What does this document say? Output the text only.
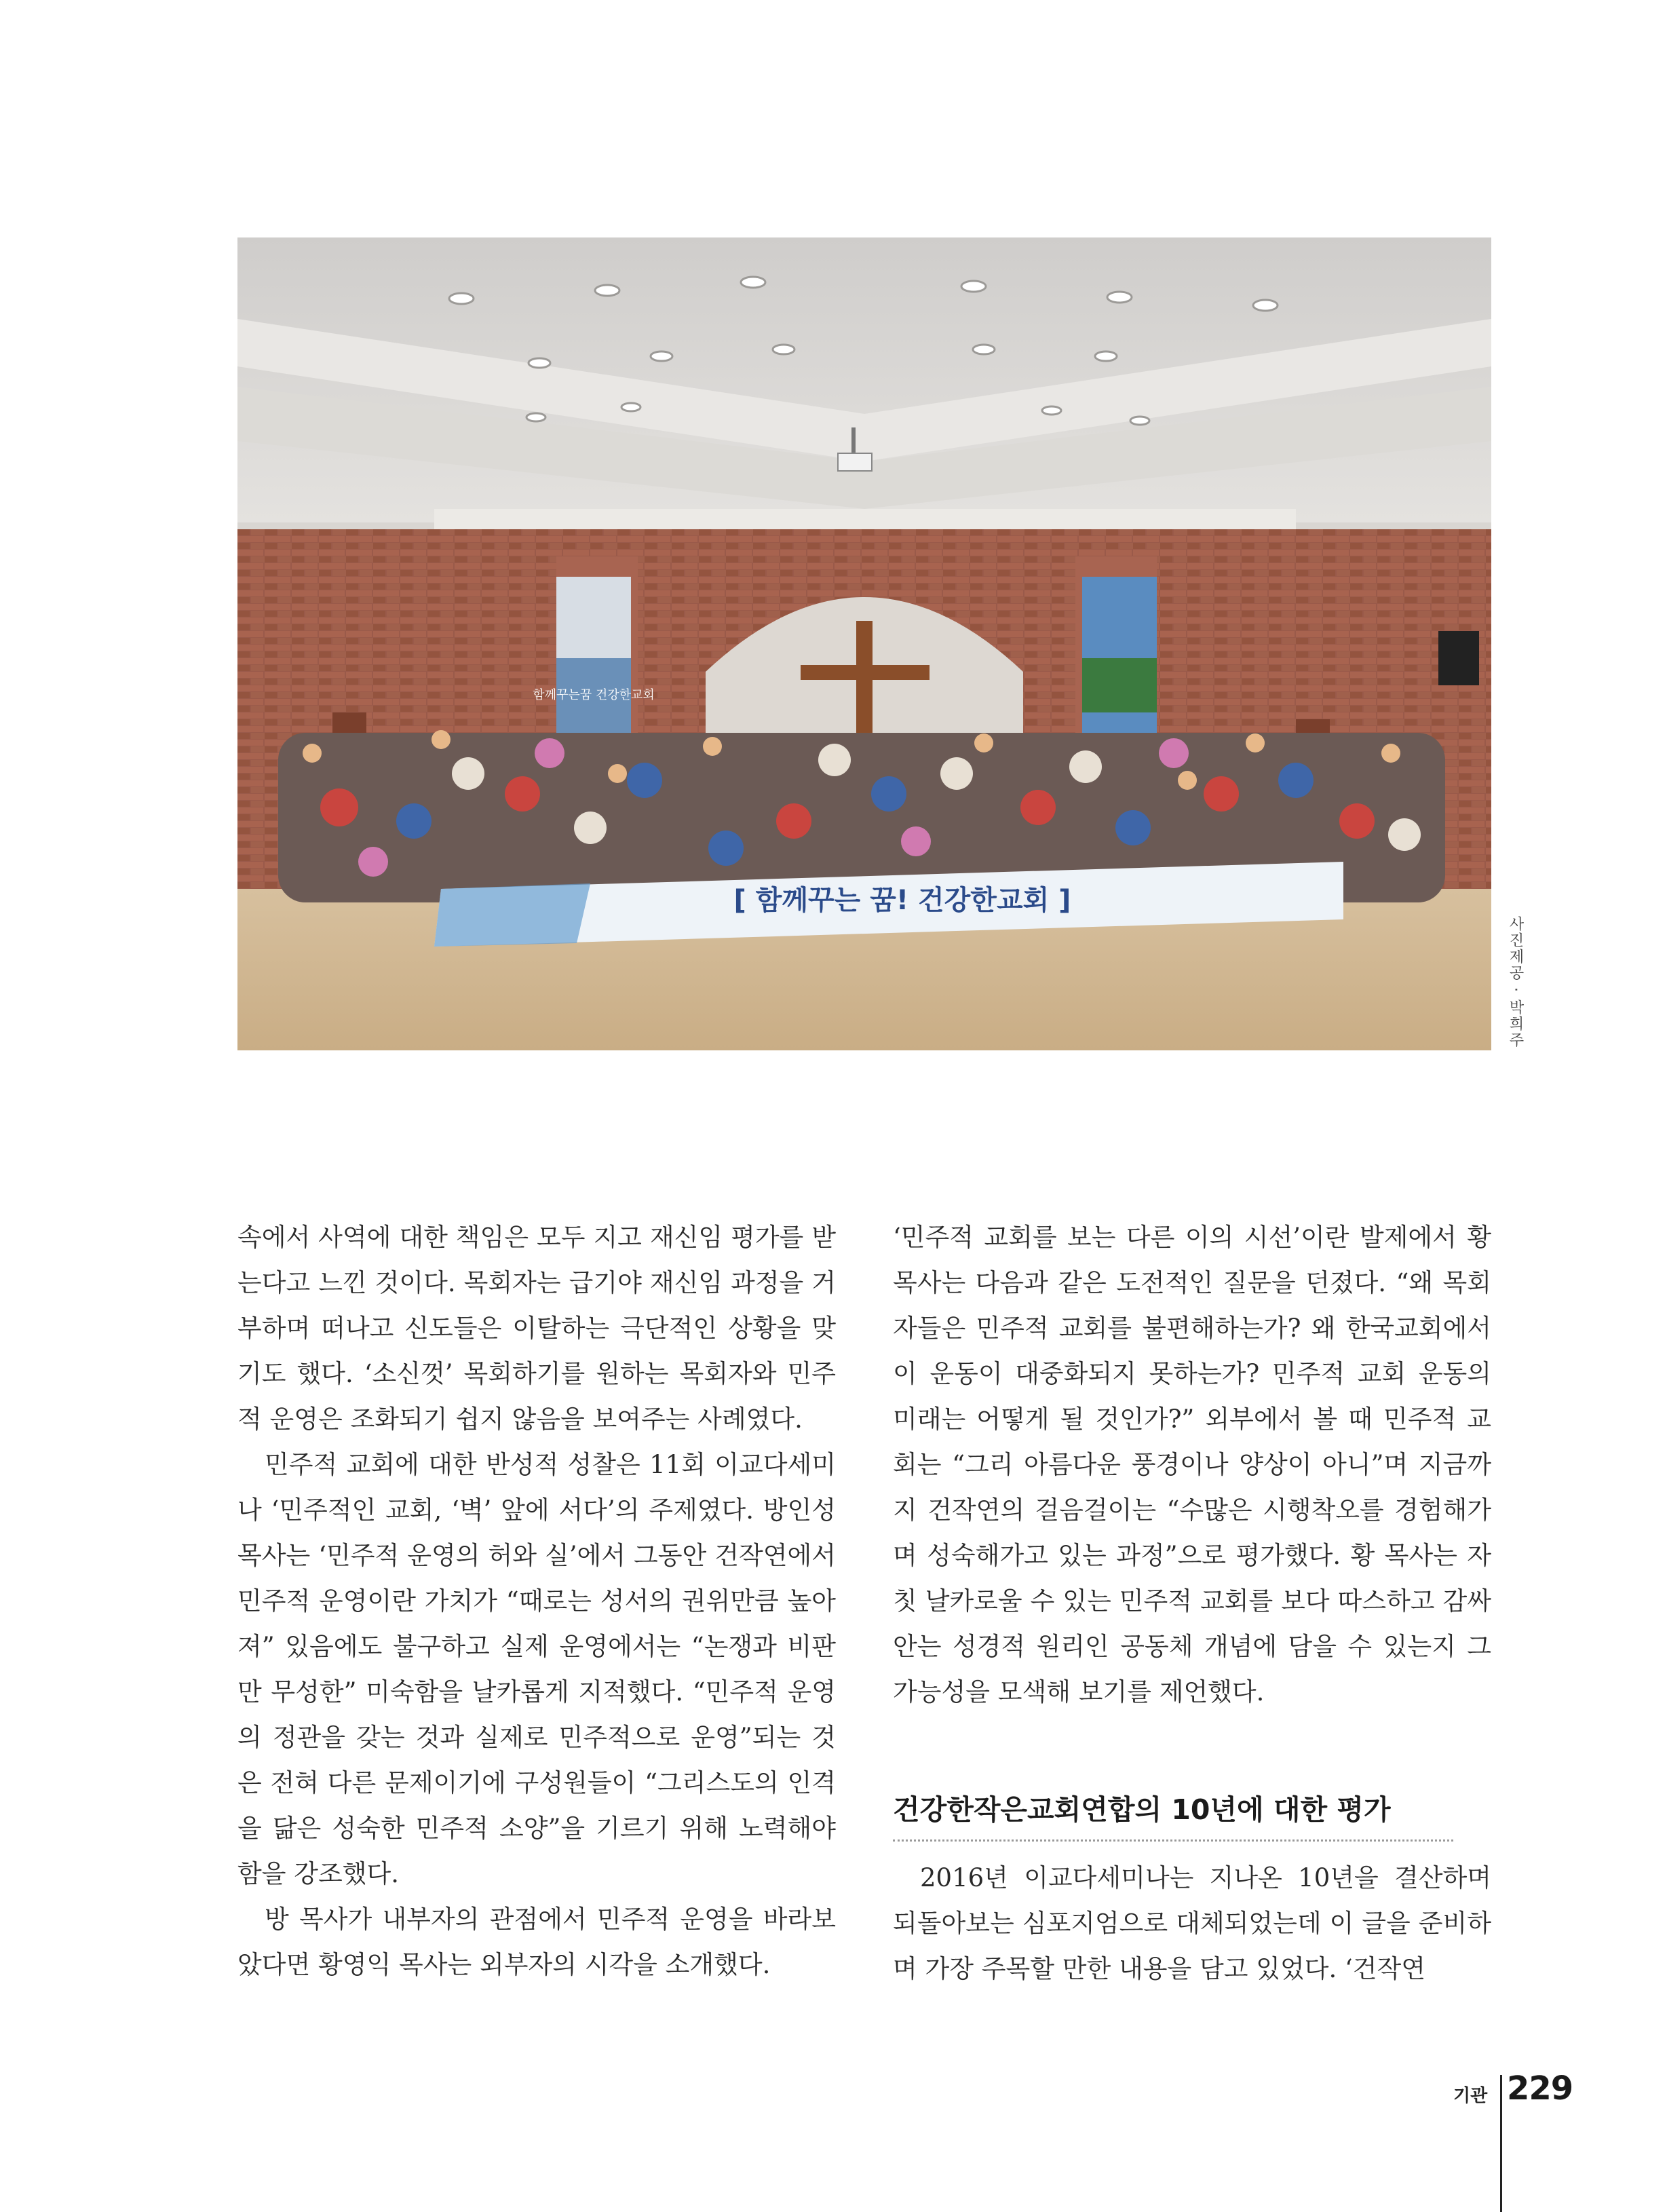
함께꾸는꿈 건강한교회
[ 함께꾸는 꿈! 건강한교회 ]
사진제공 · 박희주

속에서 사역에 대한 책임은 모두 지고 재신임 평가를 받는다고 느낀 것이다. 목회자는 급기야 재신임 과정을 거부하며 떠나고 신도들은 이탈하는 극단적인 상황을 맞기도 했다. ‘소신껏’ 목회하기를 원하는 목회자와 민주적 운영은 조화되기 쉽지 않음을 보여주는 사례였다.

민주적 교회에 대한 반성적 성찰은 11회 이교다세미나 ‘민주적인 교회, ‘벽’ 앞에 서다’의 주제였다. 방인성 목사는 ‘민주적 운영의 허와 실’에서 그동안 건작연에서 민주적 운영이란 가치가 “때로는 성서의 권위만큼 높아져” 있음에도 불구하고 실제 운영에서는 “논쟁과 비판만 무성한” 미숙함을 날카롭게 지적했다. “민주적 운영의 정관을 갖는 것과 실제로 민주적으로 운영”되는 것은 전혀 다른 문제이기에 구성원들이 “그리스도의 인격을 닮은 성숙한 민주적 소양”을 기르기 위해 노력해야 함을 강조했다.

방 목사가 내부자의 관점에서 민주적 운영을 바라보았다면 황영익 목사는 외부자의 시각을 소개했다.

‘민주적 교회를 보는 다른 이의 시선’이란 발제에서 황 목사는 다음과 같은 도전적인 질문을 던졌다. “왜 목회자들은 민주적 교회를 불편해하는가? 왜 한국교회에서 이 운동이 대중화되지 못하는가? 민주적 교회 운동의 미래는 어떻게 될 것인가?” 외부에서 볼 때 민주적 교회는 “그리 아름다운 풍경이나 양상이 아니”며 지금까지 건작연의 걸음걸이는 “수많은 시행착오를 경험해가며 성숙해가고 있는 과정”으로 평가했다. 황 목사는 자칫 날카로울 수 있는 민주적 교회를 보다 따스하고 감싸안는 성경적 원리인 공동체 개념에 담을 수 있는지 그 가능성을 모색해 보기를 제언했다.

건강한작은교회연합의 10년에 대한 평가

2016년 이교다세미나는 지나온 10년을 결산하며 되돌아보는 심포지엄으로 대체되었는데 이 글을 준비하며 가장 주목할 만한 내용을 담고 있었다. ‘건작연

기관 229
